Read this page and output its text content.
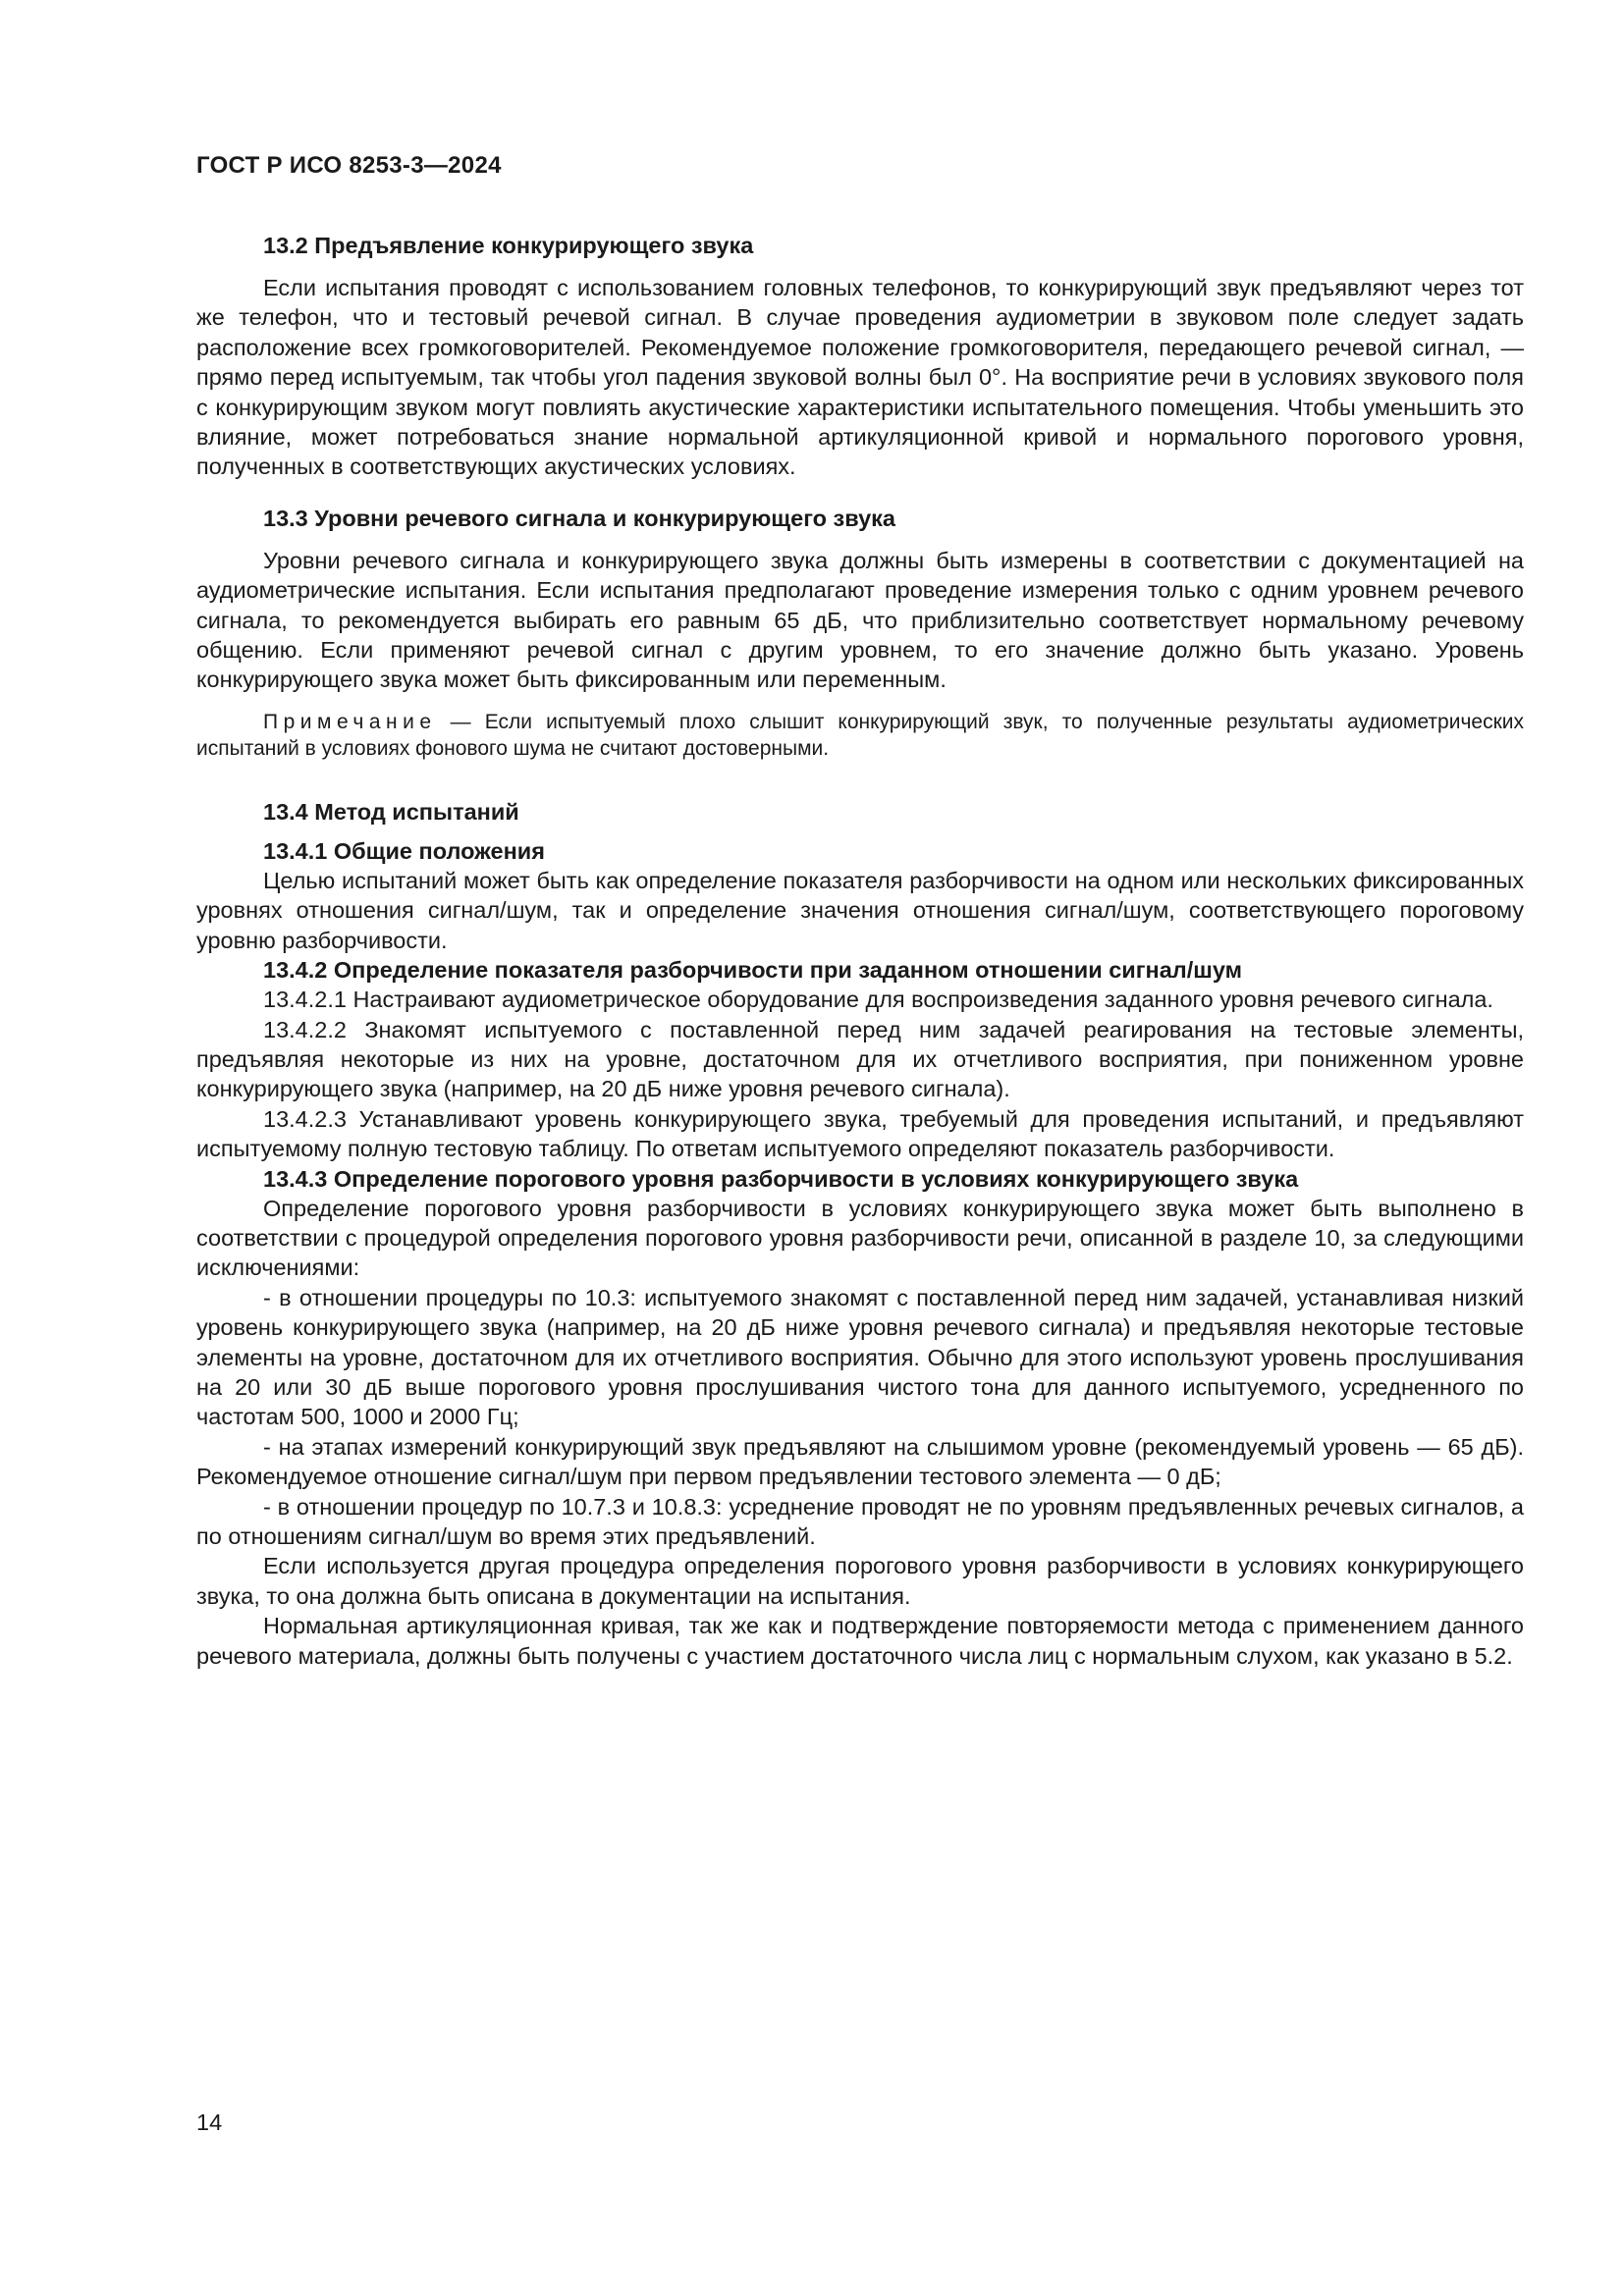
ГОСТ Р ИСО 8253-3—2024
13.2 Предъявление конкурирующего звука

Если испытания проводят с использованием головных телефонов, то конкурирующий звук предъявляют через тот же телефон, что и тестовый речевой сигнал. В случае проведения аудиометрии в звуковом поле следует задать расположение всех громкоговорителей. Рекомендуемое положение громкоговорителя, передающего речевой сигнал, — прямо перед испытуемым, так чтобы угол падения звуковой волны был 0°. На восприятие речи в условиях звукового поля с конкурирующим звуком могут повлиять акустические характеристики испытательного помещения. Чтобы уменьшить это влияние, может потребоваться знание нормальной артикуляционной кривой и нормального порогового уровня, полученных в соответствующих акустических условиях.

13.3 Уровни речевого сигнала и конкурирующего звука

Уровни речевого сигнала и конкурирующего звука должны быть измерены в соответствии с документацией на аудиометрические испытания. Если испытания предполагают проведение измерения только с одним уровнем речевого сигнала, то рекомендуется выбирать его равным 65 дБ, что приблизительно соответствует нормальному речевому общению. Если применяют речевой сигнал с другим уровнем, то его значение должно быть указано. Уровень конкурирующего звука может быть фиксированным или переменным.

Примечание — Если испытуемый плохо слышит конкурирующий звук, то полученные результаты аудиометрических испытаний в условиях фонового шума не считают достоверными.

13.4 Метод испытаний
13.4.1 Общие положения

Целью испытаний может быть как определение показателя разборчивости на одном или нескольких фиксированных уровнях отношения сигнал/шум, так и определение значения отношения сигнал/шум, соответствующего пороговому уровню разборчивости.

13.4.2 Определение показателя разборчивости при заданном отношении сигнал/шум

13.4.2.1 Настраивают аудиометрическое оборудование для воспроизведения заданного уровня речевого сигнала.

13.4.2.2 Знакомят испытуемого с поставленной перед ним задачей реагирования на тестовые элементы, предъявляя некоторые из них на уровне, достаточном для их отчетливого восприятия, при пониженном уровне конкурирующего звука (например, на 20 дБ ниже уровня речевого сигнала).

13.4.2.3 Устанавливают уровень конкурирующего звука, требуемый для проведения испытаний, и предъявляют испытуемому полную тестовую таблицу. По ответам испытуемого определяют показатель разборчивости.

13.4.3 Определение порогового уровня разборчивости в условиях конкурирующего звука

Определение порогового уровня разборчивости в условиях конкурирующего звука может быть выполнено в соответствии с процедурой определения порогового уровня разборчивости речи, описанной в разделе 10, за следующими исключениями:

- в отношении процедуры по 10.3: испытуемого знакомят с поставленной перед ним задачей, устанавливая низкий уровень конкурирующего звука (например, на 20 дБ ниже уровня речевого сигнала) и предъявляя некоторые тестовые элементы на уровне, достаточном для их отчетливого восприятия. Обычно для этого используют уровень прослушивания на 20 или 30 дБ выше порогового уровня прослушивания чистого тона для данного испытуемого, усредненного по частотам 500, 1000 и 2000 Гц;

- на этапах измерений конкурирующий звук предъявляют на слышимом уровне (рекомендуемый уровень — 65 дБ). Рекомендуемое отношение сигнал/шум при первом предъявлении тестового элемента — 0 дБ;

- в отношении процедур по 10.7.3 и 10.8.3: усреднение проводят не по уровням предъявленных речевых сигналов, а по отношениям сигнал/шум во время этих предъявлений.

Если используется другая процедура определения порогового уровня разборчивости в условиях конкурирующего звука, то она должна быть описана в документации на испытания.

Нормальная артикуляционная кривая, так же как и подтверждение повторяемости метода с применением данного речевого материала, должны быть получены с участием достаточного числа лиц с нормальным слухом, как указано в 5.2.

14
